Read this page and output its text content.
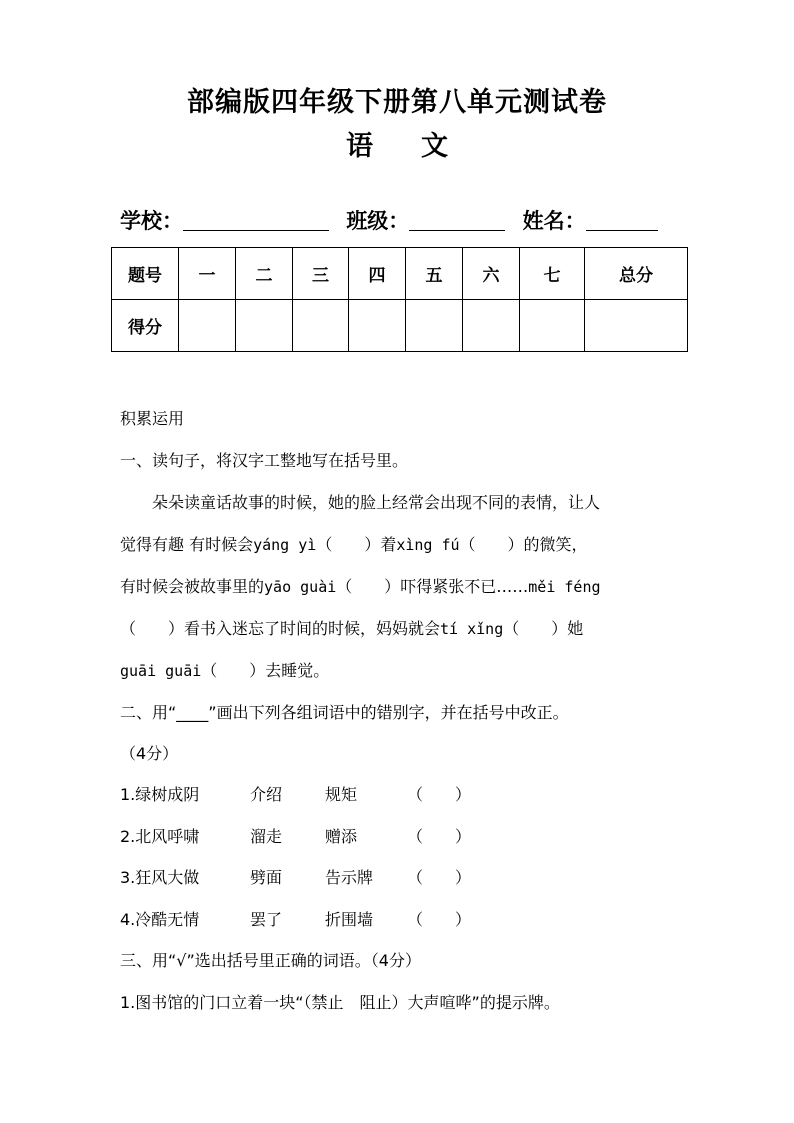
部编版四年级下册第八单元测试卷
语 文
学校：	班级：	姓名：
题号	一	二	三	四	五	六	七	总分
得分								
积累运用
一、读句子，将汉字工整地写在括号里。
朵朵读童话故事的时候，她的脸上经常会出现不同的表情，让人
觉得有趣 有时候会yáng yì（　　）着xìng fú（　　）的微笑，
有时候会被故事里的yāo guài（　　）吓得紧张不已……měi féng
（　　）看书入迷忘了时间的时候，妈妈就会tí xǐng（　　）她
guāi guāi（　　）去睡觉。
二、用“____”画出下列各组词语中的错别字，并在括号中改正。
（4分）
1.绿树成阴	介绍	规矩	（　　）
2.北风呼啸	溜走	赠添	（　　）
3.狂风大做	劈面	告示牌 （　　）
4.冷酷无情	罢了	折围墙 （　　）
三、用“√”选出括号里正确的词语。（4分）
1.图书馆的门口立着一块“（禁止　阻止）大声喧哗”的提示牌。
